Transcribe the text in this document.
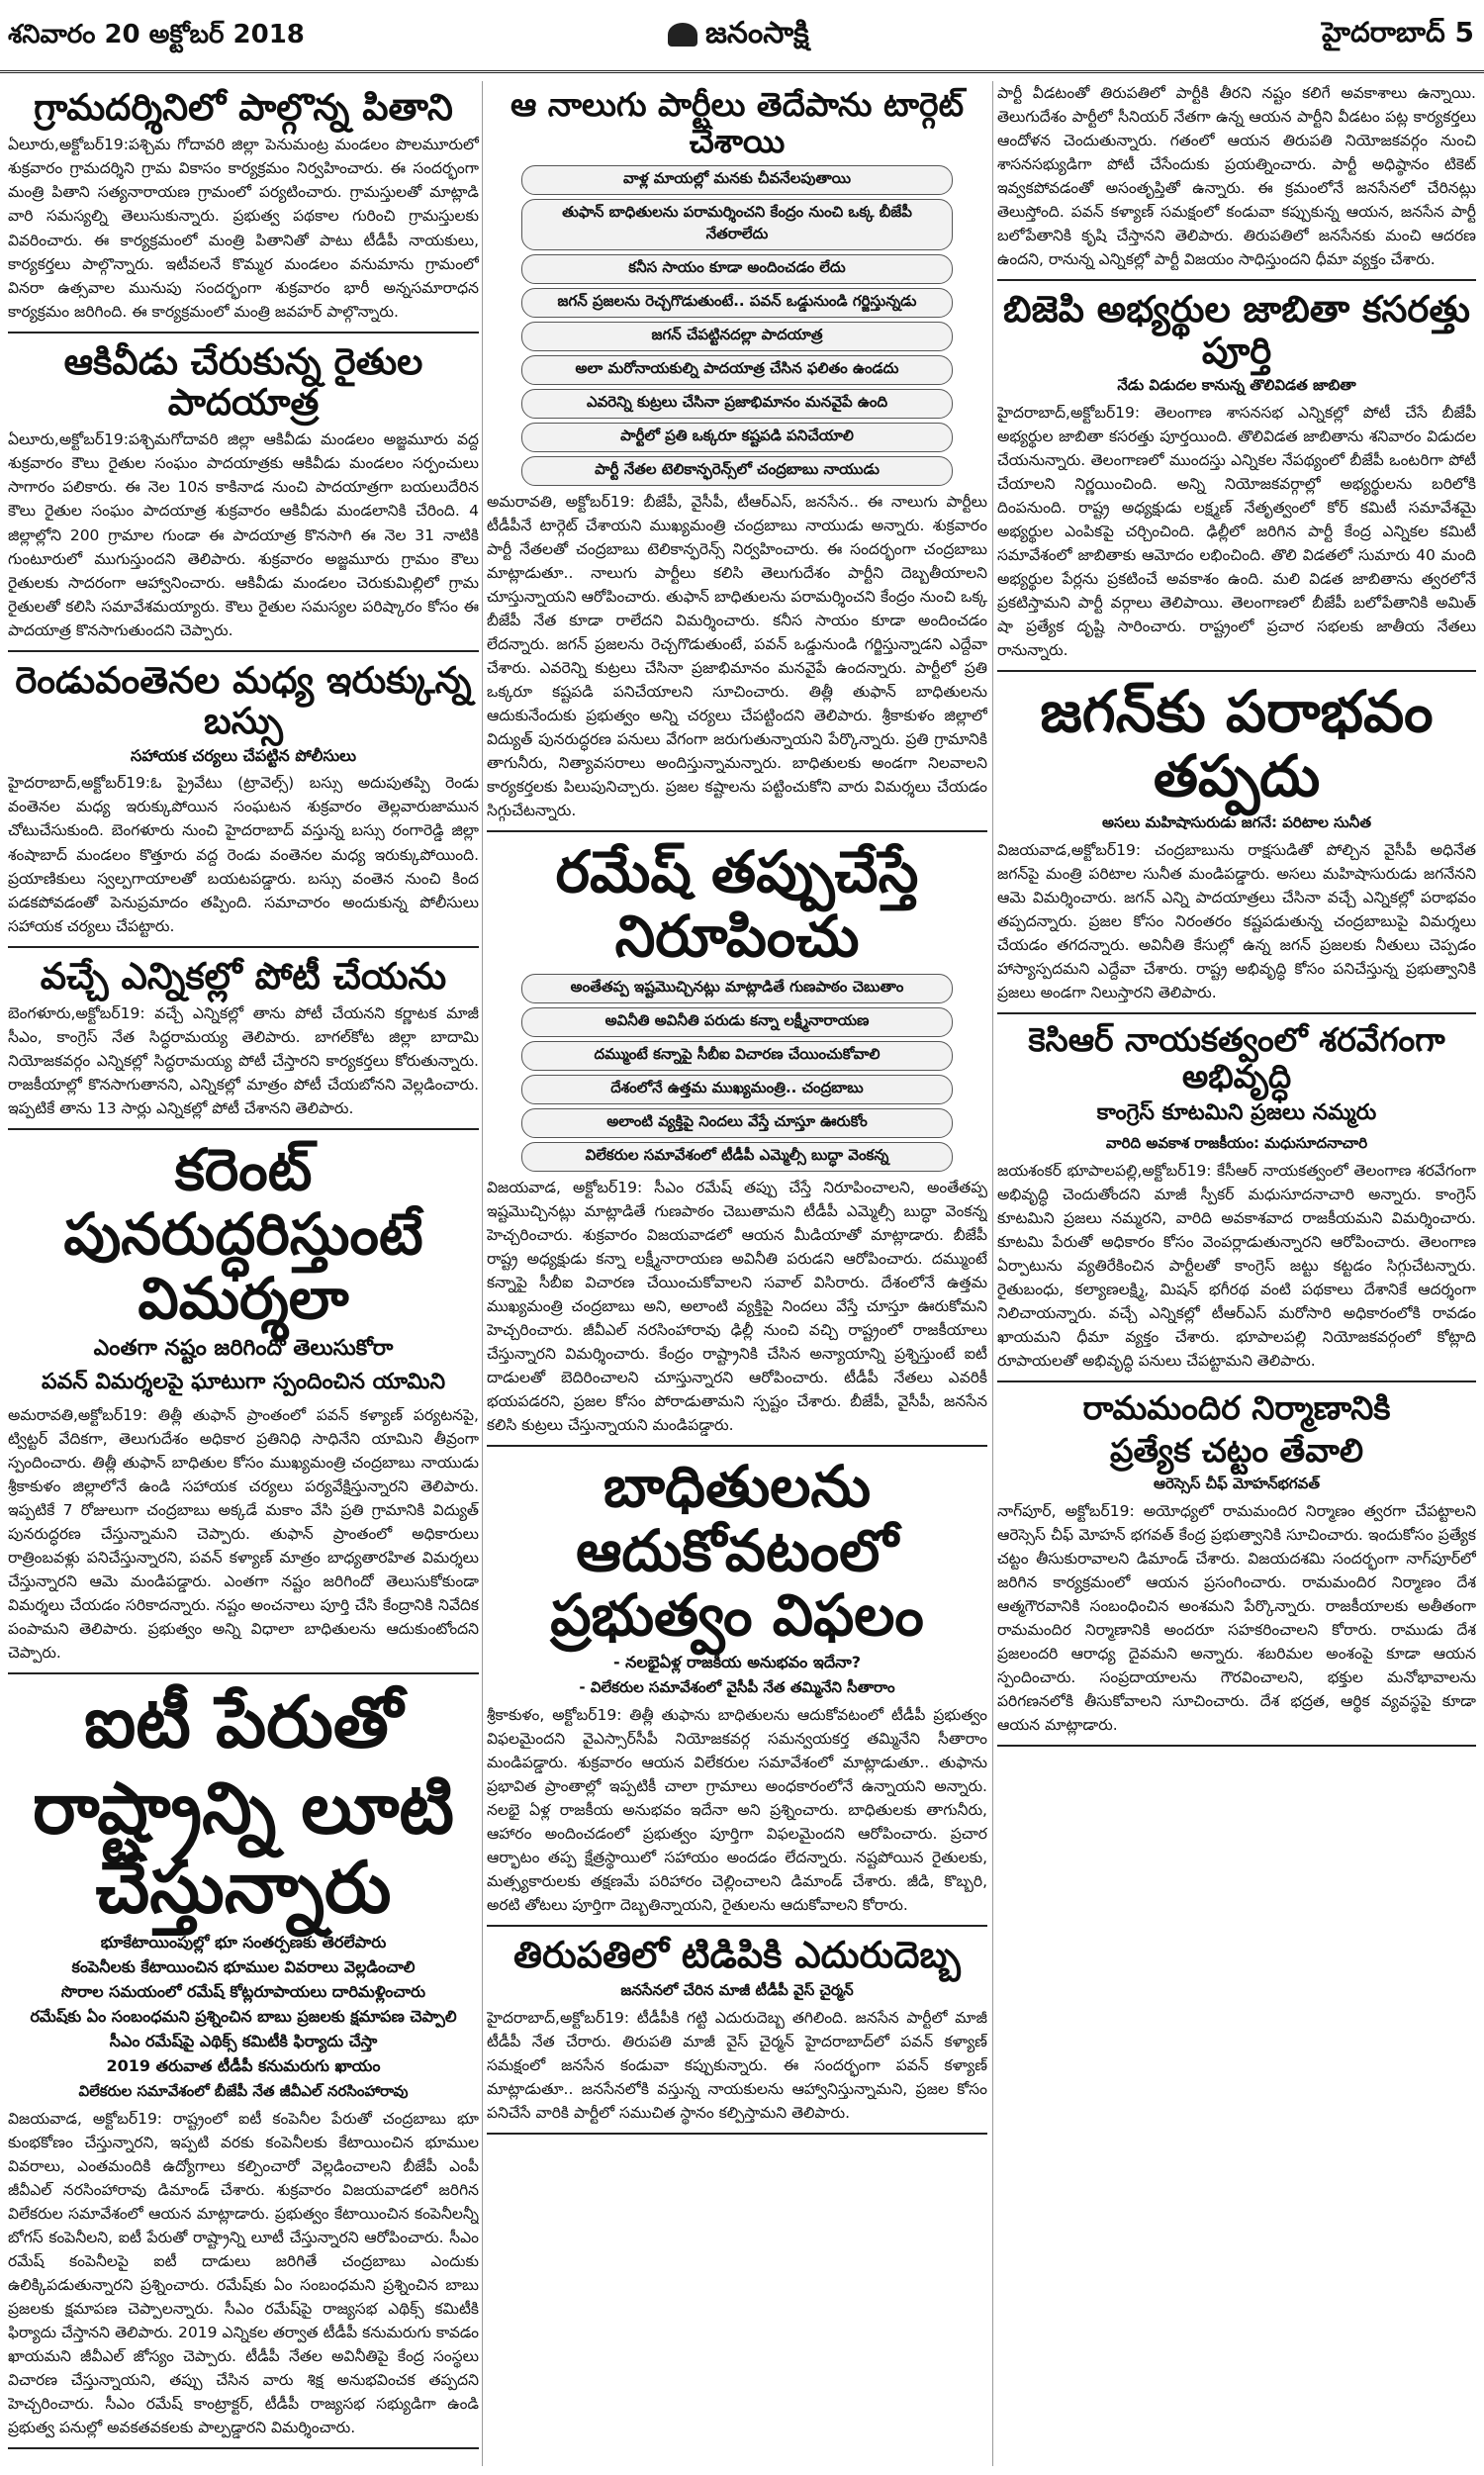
శనివారం 20 అక్టోబర్ 2018	జనంసాక్షి	హైదరాబాద్ 5
గ్రామదర్శినిలో పాల్గొన్న పితాని
ఏలూరు,అక్టోబర్19:పశ్చిమ గోదావరి జిల్లా పెనుమంట్ర మండలం పొలమూరులో శుక్రవారం గ్రామదర్శిని గ్రామ వికాసం కార్యక్రమం నిర్వహించారు. ఈ సందర్భంగా మంత్రి పితాని సత్యనారాయణ గ్రామంలో పర్యటించారు. గ్రామస్తులతో మాట్లాడి వారి సమస్యల్ని తెలుసుకున్నారు. ప్రభుత్వ పథకాల గురించి గ్రామస్తులకు వివరించారు. ఈ కార్యక్రమంలో మంత్రి పితానితో పాటు టీడీపీ నాయకులు, కార్యకర్తలు పాల్గొన్నారు. ఇటీవలనే కొమ్మర మండలం వనుమాను గ్రామంలో వినరా ఉత్సవాల మునుపు సందర్భంగా శుక్రవారం భారీ అన్నసమారాధన కార్యక్రమం జరిగింది. ఈ కార్యక్రమంలో మంత్రి జవహర్ పాల్గొన్నారు.
ఆకివీడు చేరుకున్న రైతుల పాదయాత్ర
ఏలూరు,అక్టోబర్19:పశ్చిమగోదావరి జిల్లా ఆకివీడు మండలం అజ్జమూరు వద్ద శుక్రవారం కౌలు రైతుల సంఘం పాదయాత్రకు ఆకివీడు మండలం సర్పంచులు సాగారం పలికారు. ఈ నెల 10న కాకినాడ నుంచి పాదయాత్రగా బయలుదేరిన కౌలు రైతుల సంఘం పాదయాత్ర శుక్రవారం ఆకివీడు మండలానికి చేరింది. 4 జిల్లాల్లోని 200 గ్రామాల గుండా ఈ పాదయాత్ర కొనసాగి ఈ నెల 31 నాటికి గుంటూరులో ముగుస్తుందని తెలిపారు. శుక్రవారం అజ్జమూరు గ్రామం కౌలు రైతులకు సాదరంగా ఆహ్వానించారు. ఆకివీడు మండలం చెరుకుమిల్లిలో గ్రామ రైతులతో కలిసి సమావేశమయ్యారు. కౌలు రైతుల సమస్యల పరిష్కారం కోసం ఈ పాదయాత్ర కొనసాగుతుందని చెప్పారు.
రెండువంతెనల మధ్య ఇరుక్కున్న బస్సు
సహాయక చర్యలు చేపట్టిన పోలీసులు
హైదరాబాద్,అక్టోబర్19:ఓ ప్రైవేటు (ట్రావెల్స్) బస్సు అదుపుతప్పి రెండు వంతెనల మధ్య ఇరుక్కుపోయిన సంఘటన శుక్రవారం తెల్లవారుజామున చోటుచేసుకుంది. బెంగళూరు నుంచి హైదరాబాద్ వస్తున్న బస్సు రంగారెడ్డి జిల్లా శంషాబాద్ మండలం కొత్తూరు వద్ద రెండు వంతెనల మధ్య ఇరుక్కుపోయింది. ప్రయాణికులు స్వల్పగాయాలతో బయటపడ్డారు. బస్సు వంతెన నుంచి కింద పడకపోవడంతో పెనుప్రమాదం తప్పింది. సమాచారం అందుకున్న పోలీసులు సహాయక చర్యలు చేపట్టారు.
వచ్చే ఎన్నికల్లో పోటీ చేయను
బెంగళూరు,అక్టోబర్19: వచ్చే ఎన్నికల్లో తాను పోటీ చేయనని కర్ణాటక మాజీ సీఎం, కాంగ్రెస్ నేత సిద్ధరామయ్య తెలిపారు. బాగల్‌కోట జిల్లా బాదామి నియోజకవర్గం ఎన్నికల్లో సిద్ధరామయ్య పోటీ చేస్తారని కార్యకర్తలు కోరుతున్నారు. రాజకీయాల్లో కొనసాగుతానని, ఎన్నికల్లో మాత్రం పోటీ చేయబోనని వెల్లడించారు. ఇప్పటికే తాను 13 సార్లు ఎన్నికల్లో పోటీ చేశానని తెలిపారు.
కరెంట్ పునరుద్ధరిస్తుంటే విమర్శలా
ఎంతగా నష్టం జరిగిందో తెలుసుకోరా
పవన్ విమర్శలపై ఘాటుగా స్పందించిన యామిని
అమరావతి,అక్టోబర్19: తిత్లీ తుఫాన్ ప్రాంతంలో పవన్ కళ్యాణ్ పర్యటనపై, ట్విట్టర్ వేదికగా, తెలుగుదేశం అధికార ప్రతినిధి సాధినేని యామిని తీవ్రంగా స్పందించారు. తిత్లీ తుఫాన్ బాధితుల కోసం ముఖ్యమంత్రి చంద్రబాబు నాయుడు శ్రీకాకుళం జిల్లాలోనే ఉండి సహాయక చర్యలు పర్యవేక్షిస్తున్నారని తెలిపారు. ఇప్పటికే 7 రోజులుగా చంద్రబాబు అక్కడే మకాం వేసి ప్రతి గ్రామానికి విద్యుత్ పునరుద్ధరణ చేస్తున్నామని చెప్పారు. తుఫాన్ ప్రాంతంలో అధికారులు రాత్రింబవళ్లు పనిచేస్తున్నారని, పవన్ కళ్యాణ్ మాత్రం బాధ్యతారహిత విమర్శలు చేస్తున్నారని ఆమె మండిపడ్డారు. ఎంతగా నష్టం జరిగిందో తెలుసుకోకుండా విమర్శలు చేయడం సరికాదన్నారు. నష్టం అంచనాలు పూర్తి చేసి కేంద్రానికి నివేదిక పంపామని తెలిపారు. ప్రభుత్వం అన్ని విధాలా బాధితులను ఆదుకుంటోందని చెప్పారు.
ఐటీ పేరుతో
రాష్ట్రాన్ని లూటి చేస్తున్నారు
భూకేటాయింపుల్లో భూ సంతర్పణకు తెరలేపారు
కంపెనీలకు కేటాయించిన భూముల వివరాలు వెల్లడించాలి
సొరాల సమయంలో రమేష్ కోట్లరూపాయలు దారిమళ్లించారు
రమేష్‌కు ఏం సంబంధమని ప్రశ్నించిన బాబు ప్రజలకు క్షమాపణ చెప్పాలి
సీఎం రమేష్‌పై ఎథిక్స్ కమిటీకి ఫిర్యాదు చేస్తా
2019 తరువాత టీడీపీ కనుమరుగు ఖాయం
విలేకరుల సమావేశంలో బీజేపీ నేత జీవీఎల్ నరసింహారావు
విజయవాడ, అక్టోబర్19: రాష్ట్రంలో ఐటీ కంపెనీల పేరుతో చంద్రబాబు భూ కుంభకోణం చేస్తున్నారని, ఇప్పటి వరకు కంపెనీలకు కేటాయించిన భూముల వివరాలు, ఎంతమందికి ఉద్యోగాలు కల్పించారో వెల్లడించాలని బీజేపీ ఎంపీ జీవీఎల్ నరసింహారావు డిమాండ్ చేశారు. శుక్రవారం విజయవాడలో జరిగిన విలేకరుల సమావేశంలో ఆయన మాట్లాడారు. ప్రభుత్వం కేటాయించిన కంపెనీలన్నీ బోగస్ కంపెనీలని, ఐటీ పేరుతో రాష్ట్రాన్ని లూటీ చేస్తున్నారని ఆరోపించారు. సీఎం రమేష్ కంపెనీలపై ఐటీ దాడులు జరిగితే చంద్రబాబు ఎందుకు ఉలిక్కిపడుతున్నారని ప్రశ్నించారు. రమేష్‌కు ఏం సంబంధమని ప్రశ్నించిన బాబు ప్రజలకు క్షమాపణ చెప్పాలన్నారు. సీఎం రమేష్‌పై రాజ్యసభ ఎథిక్స్ కమిటీకి ఫిర్యాదు చేస్తానని తెలిపారు. 2019 ఎన్నికల తర్వాత టీడీపీ కనుమరుగు కావడం ఖాయమని జీవీఎల్ జోస్యం చెప్పారు. టీడీపీ నేతల అవినీతిపై కేంద్ర సంస్థలు విచారణ చేస్తున్నాయని, తప్పు చేసిన వారు శిక్ష అనుభవించక తప్పదని హెచ్చరించారు. సీఎం రమేష్ కాంట్రాక్టర్, టీడీపీ రాజ్యసభ సభ్యుడిగా ఉండి ప్రభుత్వ పనుల్లో అవకతవకలకు పాల్పడ్డారని విమర్శించారు.
ఆ నాలుగు పార్టీలు తెదేపాను టార్గెట్ చేశాయి
వాళ్ల మాయల్లో మనకు చీవనేలపుతాయి
తుఫాన్ బాధితులను పరామర్శించని కేంద్రం నుంచి ఒక్క బీజేపీ నేతరాలేదు
కనీస సాయం కూడా అందించడం లేదు
జగన్ ప్రజలను రెచ్చగొడుతుంటే.. పవన్ ఒడ్డునుండి గర్జిస్తున్నడు
జగన్ చేపట్టినదల్లా పాదయాత్ర
అలా మరోనాయకుల్ని పాదయాత్ర చేసిన ఫలితం ఉండదు
ఎవరెన్ని కుట్రలు చేసినా ప్రజాభిమానం మనవైపే ఉంది
పార్టీలో ప్రతి ఒక్కరూ కష్టపడి పనిచేయాలి
పార్టీ నేతల టెలికాన్ఫరెన్స్‌లో చంద్రబాబు నాయుడు
అమరావతి, అక్టోబర్19: బీజేపీ, వైసీపీ, టీఆర్ఎస్, జనసేన.. ఈ నాలుగు పార్టీలు టీడీపీనే టార్గెట్ చేశాయని ముఖ్యమంత్రి చంద్రబాబు నాయుడు అన్నారు. శుక్రవారం పార్టీ నేతలతో చంద్రబాబు టెలికాన్ఫరెన్స్ నిర్వహించారు. ఈ సందర్భంగా చంద్రబాబు మాట్లాడుతూ.. నాలుగు పార్టీలు కలిసి తెలుగుదేశం పార్టీని దెబ్బతీయాలని చూస్తున్నాయని ఆరోపించారు. తుఫాన్ బాధితులను పరామర్శించని కేంద్రం నుంచి ఒక్క బీజేపీ నేత కూడా రాలేదని విమర్శించారు. కనీస సాయం కూడా అందించడం లేదన్నారు. జగన్ ప్రజలను రెచ్చగొడుతుంటే, పవన్ ఒడ్డునుండి గర్జిస్తున్నాడని ఎద్దేవా చేశారు. ఎవరెన్ని కుట్రలు చేసినా ప్రజాభిమానం మనవైపే ఉందన్నారు. పార్టీలో ప్రతి ఒక్కరూ కష్టపడి పనిచేయాలని సూచించారు. తిత్లీ తుఫాన్ బాధితులను ఆదుకునేందుకు ప్రభుత్వం అన్ని చర్యలు చేపట్టిందని తెలిపారు. శ్రీకాకుళం జిల్లాలో విద్యుత్ పునరుద్ధరణ పనులు వేగంగా జరుగుతున్నాయని పేర్కొన్నారు. ప్రతి గ్రామానికి తాగునీరు, నిత్యావసరాలు అందిస్తున్నామన్నారు. బాధితులకు అండగా నిలవాలని కార్యకర్తలకు పిలుపునిచ్చారు. ప్రజల కష్టాలను పట్టించుకోని వారు విమర్శలు చేయడం సిగ్గుచేటన్నారు.
రమేష్ తప్పుచేస్తే నిరూపించు
అంతేతప్ప ఇష్టమొచ్చినట్లు మాట్లాడితే గుణపాఠం చెబుతాం
అవినీతి అవినీతి పరుడు కన్నా లక్ష్మీనారాయణ
దమ్ముంటే కన్నాపై సీబీఐ విచారణ చేయించుకోవాలి
దేశంలోనే ఉత్తమ ముఖ్యమంత్రి.. చంద్రబాబు
అలాంటి వ్యక్తిపై నిందలు వేస్తే చూస్తూ ఊరుకోం
విలేకరుల సమావేశంలో టీడీపీ ఎమ్మెల్సీ బుద్ధా వెంకన్న
విజయవాడ, అక్టోబర్19: సీఎం రమేష్ తప్పు చేస్తే నిరూపించాలని, అంతేతప్ప ఇష్టమొచ్చినట్లు మాట్లాడితే గుణపాఠం చెబుతామని టీడీపీ ఎమ్మెల్సీ బుద్ధా వెంకన్న హెచ్చరించారు. శుక్రవారం విజయవాడలో ఆయన మీడియాతో మాట్లాడారు. బీజేపీ రాష్ట్ర అధ్యక్షుడు కన్నా లక్ష్మీనారాయణ అవినీతి పరుడని ఆరోపించారు. దమ్ముంటే కన్నాపై సీబీఐ విచారణ చేయించుకోవాలని సవాల్ విసిరారు. దేశంలోనే ఉత్తమ ముఖ్యమంత్రి చంద్రబాబు అని, అలాంటి వ్యక్తిపై నిందలు వేస్తే చూస్తూ ఊరుకోమని హెచ్చరించారు. జీవీఎల్ నరసింహారావు ఢిల్లీ నుంచి వచ్చి రాష్ట్రంలో రాజకీయాలు చేస్తున్నారని విమర్శించారు. కేంద్రం రాష్ట్రానికి చేసిన అన్యాయాన్ని ప్రశ్నిస్తుంటే ఐటీ దాడులతో బెదిరించాలని చూస్తున్నారని ఆరోపించారు. టీడీపీ నేతలు ఎవరికీ భయపడరని, ప్రజల కోసం పోరాడుతామని స్పష్టం చేశారు. బీజేపీ, వైసీపీ, జనసేన కలిసి కుట్రలు చేస్తున్నాయని మండిపడ్డారు.
బాధితులను ఆదుకోవటంలో ప్రభుత్వం విఫలం
- నలభైఏళ్ల రాజకీయ అనుభవం ఇదేనా?
- విలేకరుల సమావేశంలో వైసీపీ నేత తమ్మినేని సీతారాం
శ్రీకాకుళం, అక్టోబర్19: తిత్లీ తుఫాను బాధితులను ఆదుకోవటంలో టీడీపీ ప్రభుత్వం విఫలమైందని వైఎస్సార్‌సీపీ నియోజకవర్గ సమన్వయకర్త తమ్మినేని సీతారాం మండిపడ్డారు. శుక్రవారం ఆయన విలేకరుల సమావేశంలో మాట్లాడుతూ.. తుఫాను ప్రభావిత ప్రాంతాల్లో ఇప్పటికీ చాలా గ్రామాలు అంధకారంలోనే ఉన్నాయని అన్నారు. నలభై ఏళ్ల రాజకీయ అనుభవం ఇదేనా అని ప్రశ్నించారు. బాధితులకు తాగునీరు, ఆహారం అందించడంలో ప్రభుత్వం పూర్తిగా విఫలమైందని ఆరోపించారు. ప్రచార ఆర్భాటం తప్ప క్షేత్రస్థాయిలో సహాయం అందడం లేదన్నారు. నష్టపోయిన రైతులకు, మత్స్యకారులకు తక్షణమే పరిహారం చెల్లించాలని డిమాండ్ చేశారు. జీడి, కొబ్బరి, అరటి తోటలు పూర్తిగా దెబ్బతిన్నాయని, రైతులను ఆదుకోవాలని కోరారు.
తిరుపతిలో టిడిపికి ఎదురుదెబ్బ
జనసేనలో చేరిన మాజీ టీడీపీ వైస్ చైర్మన్
హైదరాబాద్,అక్టోబర్19: టీడీపీకి గట్టి ఎదురుదెబ్బ తగిలింది. జనసేన పార్టీలో మాజీ టీడీపీ నేత చేరారు. తిరుపతి మాజీ వైస్ చైర్మన్ హైదరాబాద్‌లో పవన్ కళ్యాణ్ సమక్షంలో జనసేన కండువా కప్పుకున్నారు. ఈ సందర్భంగా పవన్ కళ్యాణ్ మాట్లాడుతూ.. జనసేనలోకి వస్తున్న నాయకులను ఆహ్వానిస్తున్నామని, ప్రజల కోసం పనిచేసే వారికి పార్టీలో సముచిత స్థానం కల్పిస్తామని తెలిపారు.
పార్టీ వీడటంతో తిరుపతిలో పార్టీకి తీరని నష్టం కలిగే అవకాశాలు ఉన్నాయి. తెలుగుదేశం పార్టీలో సీనియర్ నేతగా ఉన్న ఆయన పార్టీని వీడటం పట్ల కార్యకర్తలు ఆందోళన చెందుతున్నారు. గతంలో ఆయన తిరుపతి నియోజకవర్గం నుంచి శాసనసభ్యుడిగా పోటీ చేసేందుకు ప్రయత్నించారు. పార్టీ అధిష్ఠానం టికెట్ ఇవ్వకపోవడంతో అసంతృప్తితో ఉన్నారు. ఈ క్రమంలోనే జనసేనలో చేరినట్లు తెలుస్తోంది. పవన్ కళ్యాణ్ సమక్షంలో కండువా కప్పుకున్న ఆయన, జనసేన పార్టీ బలోపేతానికి కృషి చేస్తానని తెలిపారు. తిరుపతిలో జనసేనకు మంచి ఆదరణ ఉందని, రానున్న ఎన్నికల్లో పార్టీ విజయం సాధిస్తుందని ధీమా వ్యక్తం చేశారు.
బిజెపి అభ్యర్థుల జాబితా కసరత్తు పూర్తి
నేడు విడుదల కానున్న తొలివిడత జాబితా
హైదరాబాద్,అక్టోబర్19: తెలంగాణ శాసనసభ ఎన్నికల్లో పోటీ చేసే బీజేపీ అభ్యర్థుల జాబితా కసరత్తు పూర్తయింది. తొలివిడత జాబితాను శనివారం విడుదల చేయనున్నారు. తెలంగాణలో ముందస్తు ఎన్నికల నేపథ్యంలో బీజేపీ ఒంటరిగా పోటీ చేయాలని నిర్ణయించింది. అన్ని నియోజకవర్గాల్లో అభ్యర్థులను బరిలోకి దింపనుంది. రాష్ట్ర అధ్యక్షుడు లక్ష్మణ్ నేతృత్వంలో కోర్ కమిటీ సమావేశమై అభ్యర్థుల ఎంపికపై చర్చించింది. ఢిల్లీలో జరిగిన పార్టీ కేంద్ర ఎన్నికల కమిటీ సమావేశంలో జాబితాకు ఆమోదం లభించింది. తొలి విడతలో సుమారు 40 మంది అభ్యర్థుల పేర్లను ప్రకటించే అవకాశం ఉంది. మలి విడత జాబితాను త్వరలోనే ప్రకటిస్తామని పార్టీ వర్గాలు తెలిపాయి. తెలంగాణలో బీజేపీ బలోపేతానికి అమిత్ షా ప్రత్యేక దృష్టి సారించారు. రాష్ట్రంలో ప్రచార సభలకు జాతీయ నేతలు రానున్నారు.
జగన్‌కు పరాభవం తప్పదు
అసలు మహిషాసురుడు జగనే: పరిటాల సునీత
విజయవాడ,అక్టోబర్19: చంద్రబాబును రాక్షసుడితో పోల్చిన వైసీపీ అధినేత జగన్‌పై మంత్రి పరిటాల సునీత మండిపడ్డారు. అసలు మహిషాసురుడు జగనేనని ఆమె విమర్శించారు. జగన్ ఎన్ని పాదయాత్రలు చేసినా వచ్చే ఎన్నికల్లో పరాభవం తప్పదన్నారు. ప్రజల కోసం నిరంతరం కష్టపడుతున్న చంద్రబాబుపై విమర్శలు చేయడం తగదన్నారు. అవినీతి కేసుల్లో ఉన్న జగన్ ప్రజలకు నీతులు చెప్పడం హాస్యాస్పదమని ఎద్దేవా చేశారు. రాష్ట్ర అభివృద్ధి కోసం పనిచేస్తున్న ప్రభుత్వానికి ప్రజలు అండగా నిలుస్తారని తెలిపారు.
కెసిఆర్ నాయకత్వంలో శరవేగంగా అభివృద్ధి
కాంగ్రెస్ కూటమిని ప్రజలు నమ్మరు
వారిది అవకాశ రాజకీయం: మధుసూదనాచారి
జయశంకర్ భూపాలపల్లి,అక్టోబర్19: కేసీఆర్ నాయకత్వంలో తెలంగాణ శరవేగంగా అభివృద్ధి చెందుతోందని మాజీ స్పీకర్ మధుసూదనాచారి అన్నారు. కాంగ్రెస్ కూటమిని ప్రజలు నమ్మరని, వారిది అవకాశవాద రాజకీయమని విమర్శించారు. కూటమి పేరుతో అధికారం కోసం వెంపర్లాడుతున్నారని ఆరోపించారు. తెలంగాణ ఏర్పాటును వ్యతిరేకించిన పార్టీలతో కాంగ్రెస్ జట్టు కట్టడం సిగ్గుచేటన్నారు. రైతుబంధు, కల్యాణలక్ష్మి, మిషన్ భగీరథ వంటి పథకాలు దేశానికే ఆదర్శంగా నిలిచాయన్నారు. వచ్చే ఎన్నికల్లో టీఆర్ఎస్ మరోసారి అధికారంలోకి రావడం ఖాయమని ధీమా వ్యక్తం చేశారు. భూపాలపల్లి నియోజకవర్గంలో కోట్లాది రూపాయలతో అభివృద్ధి పనులు చేపట్టామని తెలిపారు.
రామమందిర నిర్మాణానికి
ప్రత్యేక చట్టం తేవాలి
ఆరెస్సెస్ చీఫ్ మోహన్‌భగవత్
నాగ్‌పూర్, అక్టోబర్19: అయోధ్యలో రామమందిర నిర్మాణం త్వరగా చేపట్టాలని ఆరెస్సెస్ చీఫ్ మోహన్ భగవత్ కేంద్ర ప్రభుత్వానికి సూచించారు. ఇందుకోసం ప్రత్యేక చట్టం తీసుకురావాలని డిమాండ్ చేశారు. విజయదశమి సందర్భంగా నాగ్‌పూర్‌లో జరిగిన కార్యక్రమంలో ఆయన ప్రసంగించారు. రామమందిర నిర్మాణం దేశ ఆత్మగౌరవానికి సంబంధించిన అంశమని పేర్కొన్నారు. రాజకీయాలకు అతీతంగా రామమందిర నిర్మాణానికి అందరూ సహకరించాలని కోరారు. రాముడు దేశ ప్రజలందరి ఆరాధ్య దైవమని అన్నారు. శబరిమల అంశంపై కూడా ఆయన స్పందించారు. సంప్రదాయాలను గౌరవించాలని, భక్తుల మనోభావాలను పరిగణనలోకి తీసుకోవాలని సూచించారు. దేశ భద్రత, ఆర్థిక వ్యవస్థపై కూడా ఆయన మాట్లాడారు.
